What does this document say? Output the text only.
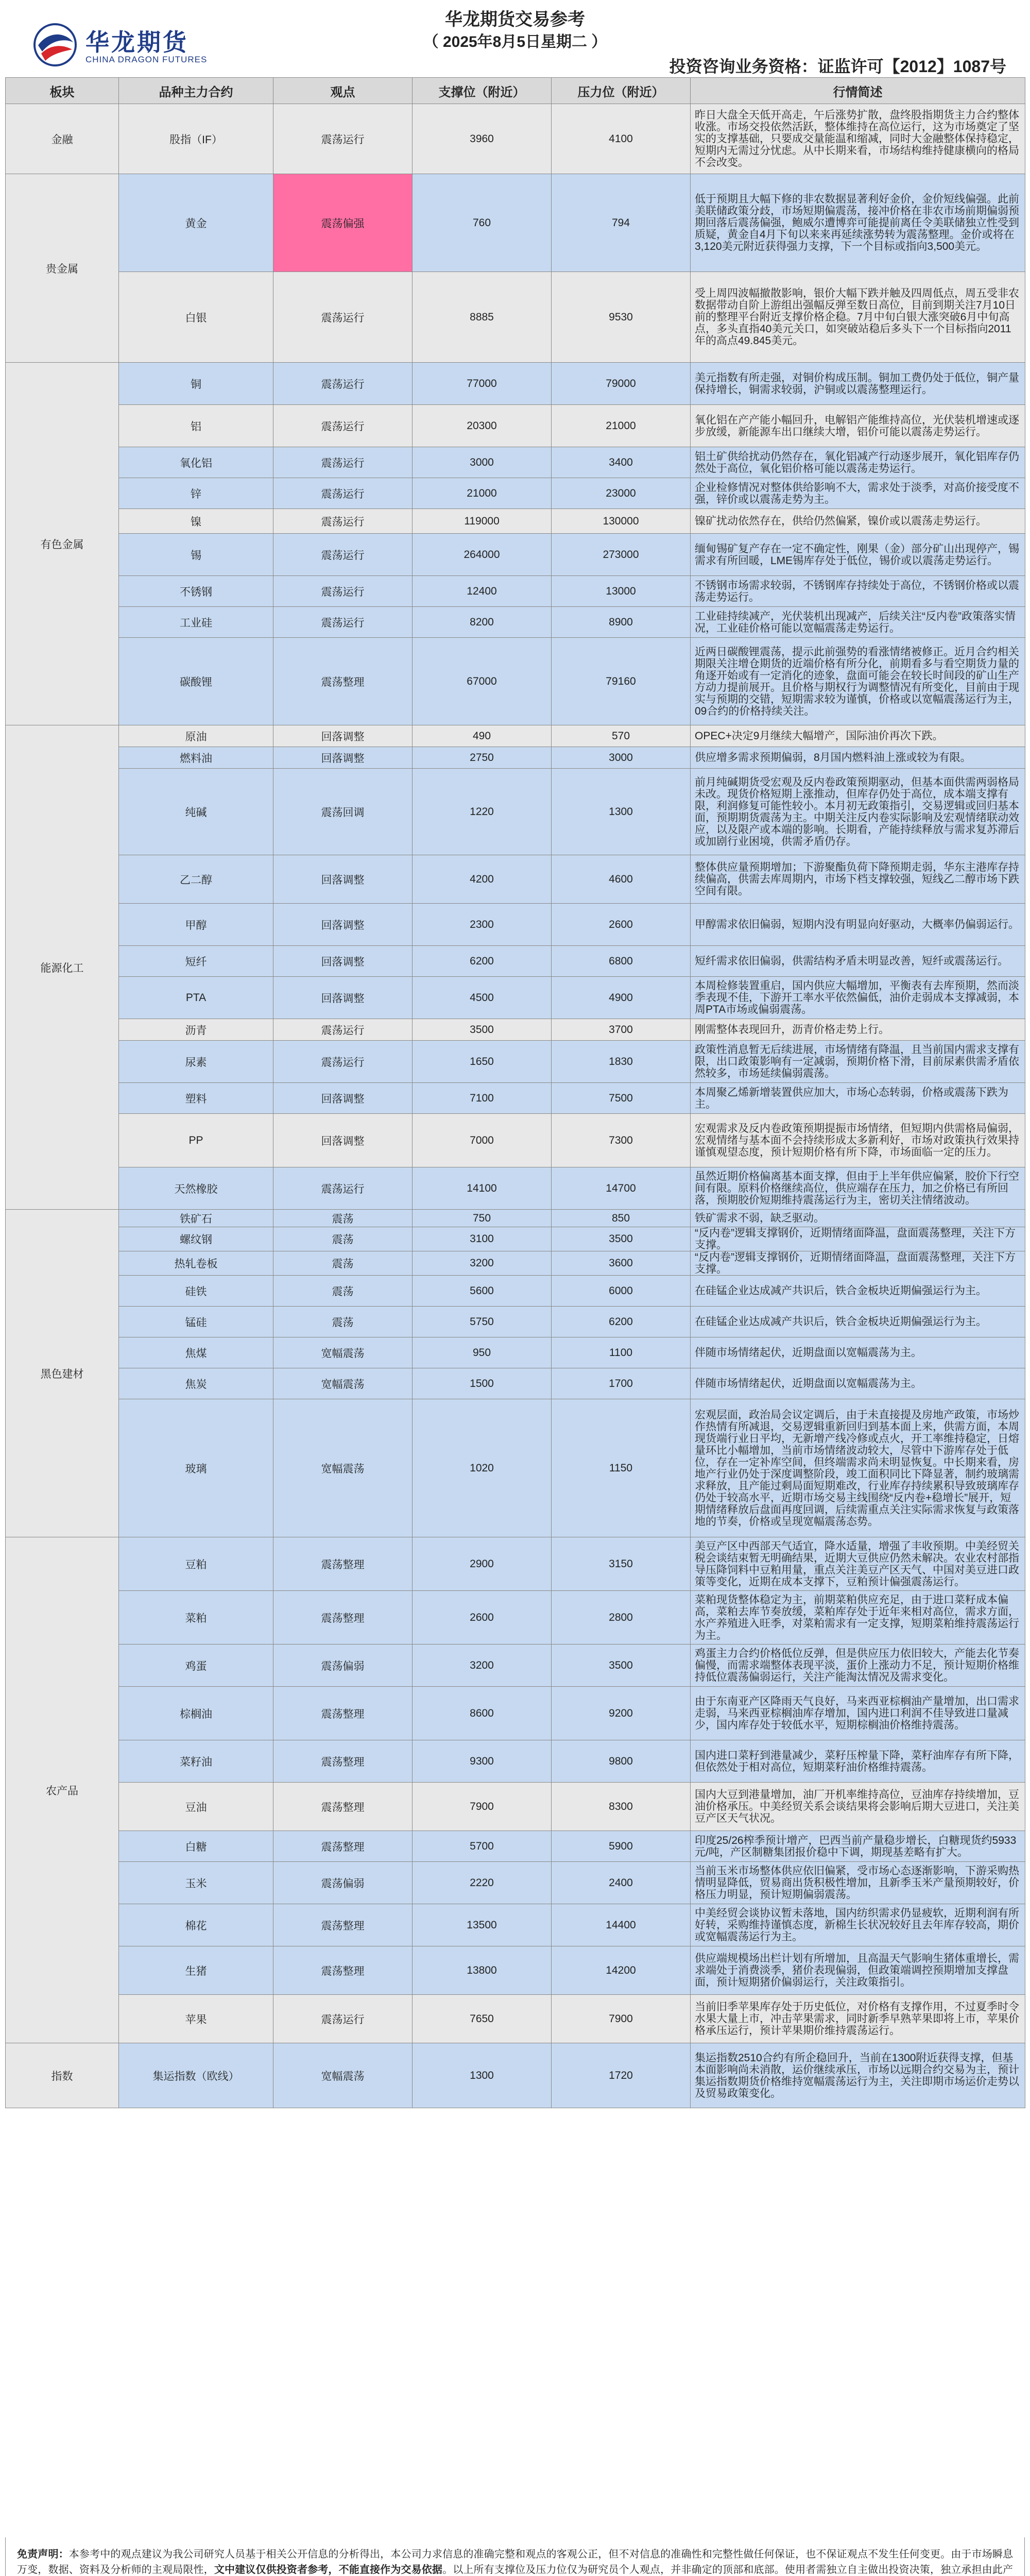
华龙期货
CHINA DRAGON FUTURES
华龙期货交易参考
（ 2025年8月5日星期二 ）
投资咨询业务资格：证监许可【2012】1087号
板块	品种主力合约	观点	支撑位（附近）	压力位（附近）	行情简述
金融	股指（IF）	震荡运行	3960	4100	昨日大盘全天低开高走，午后涨势扩散，盘终股指期货主力合约整体收涨。市场交投依然活跃，整体维持在高位运行，这为市场奠定了坚实的支撑基础，只要成交量能温和缩减，同时大金融整体保持稳定，短期内无需过分忧虑。从中长期来看，市场结构维持健康横向的格局不会改变。
贵金属	黄金	震荡偏强	760	794	低于预期且大幅下修的非农数据显著利好金价，金价短线偏强。此前美联储政策分歧，市场短期偏震荡，接冲价格在非农市场前期偏弱预期回落后震荡偏强，鲍威尔遭博弈可能提前离任令美联储独立性受到质疑，黄金自4月下旬以来来再延续涨势转为震荡整理。金价或将在3,120美元附近获得强力支撑，下一个目标或指向3,500美元。
	白银	震荡运行	8885	9530	受上周四波幅撤散影响，银价大幅下跌并触及四周低点，周五受非农数据带动自阶上游组出强幅反弹至数日高位，目前到期关注7月10日前的整理平台附近支撑价格企稳。7月中旬白银大涨突破6月中旬高点，多头直指40美元关口，如突破站稳后多头下一个目标指向2011年的高点49.845美元。
有色金属	铜	震荡运行	77000	79000	美元指数有所走强，对铜价构成压制。铜加工费仍处于低位，铜产量保持增长，铜需求较弱，沪铜或以震荡整理运行。
	铝	震荡运行	20300	21000	氧化铝在产产能小幅回升，电解铝产能维持高位，光伏装机增速或逐步放缓，新能源车出口继续大增，铝价可能以震荡走势运行。
	氧化铝	震荡运行	3000	3400	铝土矿供给扰动仍然存在，氧化铝减产行动逐步展开，氧化铝库存仍然处于高位，氧化铝价格可能以震荡走势运行。
	锌	震荡运行	21000	23000	企业检修情况对整体供给影响不大，需求处于淡季，对高价接受度不强，锌价或以震荡走势为主。
	镍	震荡运行	119000	130000	镍矿扰动依然存在，供给仍然偏紧，镍价或以震荡走势运行。
	锡	震荡运行	264000	273000	缅甸锡矿复产存在一定不确定性，刚果（金）部分矿山出现停产，锡需求有所回暖，LME锡库存处于低位，锡价或以震荡走势运行。
	不锈钢	震荡运行	12400	13000	不锈钢市场需求较弱，不锈钢库存持续处于高位，不锈钢价格或以震荡走势运行。
	工业硅	震荡运行	8200	8900	工业硅持续减产，光伏装机出现减产，后续关注“反内卷”政策落实情况，工业硅价格可能以宽幅震荡走势运行。
	碳酸锂	震荡整理	67000	79160	近两日碳酸锂震荡，提示此前强势的看涨情绪被修正。近月合约相关期限关注增仓期货的近端价格有所分化，前期看多与看空期货力量的角逐开始或有一定消化的迹象，盘面可能会在较长时间段的矿山生产方动力提前展开。且价格与期权行为调整情况有所变化，目前由于现实与预期的交错，短期需求较为谨慎，价格或以宽幅震荡运行为主，09合约的价格持续关注。
能源化工	原油	回落调整	490	570	OPEC+决定9月继续大幅增产，国际油价再次下跌。
	燃料油	回落调整	2750	3000	供应增多需求预期偏弱，8月国内燃料油上涨或较为有限。
	纯碱	震荡回调	1220	1300	前月纯碱期货受宏观及反内卷政策预期驱动，但基本面供需两弱格局未改。现货价格短期上涨推动，但库存仍处于高位，成本端支撑有限，利润修复可能性较小。本月初无政策指引，交易逻辑或回归基本面，预期期货震荡为主。中期关注反内卷实际影响及宏观情绪联动效应，以及限产或本端的影响。长期看，产能持续释放与需求复苏滞后或加剧行业困境，供需矛盾仍存。
	乙二醇	回落调整	4200	4600	整体供应量预期增加；下游聚酯负荷下降预期走弱，华东主港库存持续偏高，供需去库周期内，市场下档支撑较强，短线乙二醇市场下跌空间有限。
	甲醇	回落调整	2300	2600	甲醇需求依旧偏弱，短期内没有明显向好驱动，大概率仍偏弱运行。
	短纤	回落调整	6200	6800	短纤需求依旧偏弱，供需结构矛盾未明显改善，短纤或震荡运行。
	PTA	回落调整	4500	4900	本周检修装置重启，国内供应大幅增加，平衡表有去库预期，然而淡季表现不佳，下游开工率水平依然偏低，油价走弱成本支撑减弱，本周PTA市场或偏弱震荡。
	沥青	震荡运行	3500	3700	刚需整体表现回升，沥青价格走势上行。
	尿素	震荡运行	1650	1830	政策性消息暂无后续进展，市场情绪有降温，且当前国内需求支撑有限，出口政策影响有一定减弱，预期价格下滑，目前尿素供需矛盾依然较多，市场延续偏弱震荡。
	塑料	回落调整	7100	7500	本周聚乙烯新增装置供应加大，市场心态转弱，价格或震荡下跌为主。
	PP	回落调整	7000	7300	宏观需求及反内卷政策预期提振市场情绪，但短期内供需格局偏弱，宏观情绪与基本面不会持续形成太多新利好，市场对政策执行效果持谨慎观望态度，预计短期价格有所下降，市场面临一定的压力。
	天然橡胶	震荡运行	14100	14700	虽然近期价格偏离基本面支撑，但由于上半年供应偏紧，胶价下行空间有限。原料价格继续高位，供应端存在压力，加之价格已有所回落，预期胶价短期维持震荡运行为主，密切关注情绪波动。
黑色建材	铁矿石	震荡	750	850	铁矿需求不弱，缺乏驱动。
	螺纹钢	震荡	3100	3500	“反内卷”逻辑支撑钢价，近期情绪面降温，盘面震荡整理，关注下方支撑。
	热轧卷板	震荡	3200	3600	“反内卷”逻辑支撑钢价，近期情绪面降温，盘面震荡整理，关注下方支撑。
	硅铁	震荡	5600	6000	在硅锰企业达成减产共识后，铁合金板块近期偏强运行为主。
	锰硅	震荡	5750	6200	在硅锰企业达成减产共识后，铁合金板块近期偏强运行为主。
	焦煤	宽幅震荡	950	1100	伴随市场情绪起伏，近期盘面以宽幅震荡为主。
	焦炭	宽幅震荡	1500	1700	伴随市场情绪起伏，近期盘面以宽幅震荡为主。
	玻璃	宽幅震荡	1020	1150	宏观层面，政治局会议定调后，由于未直接提及房地产政策，市场炒作热情有所减退，交易逻辑重新回归到基本面上来，供需方面，本周现货端行业日平均，无新增产线冷修或点火，开工率维持稳定，日熔量环比小幅增加，当前市场情绪波动较大，尽管中下游库存处于低位，存在一定补库空间，但终端需求尚未明显恢复。中长期来看，房地产行业仍处于深度调整阶段，竣工面积同比下降显著，制约玻璃需求释放，且产能过剩局面短期难改，行业库存持续累积导致玻璃库存仍处于较高水平，近期市场交易主线围绕“反内卷+稳增长”展开，短期情绪释放后盘面再度回调，后续需重点关注实际需求恢复与政策落地的节奏，价格或呈现宽幅震荡态势。
农产品	豆粕	震荡整理	2900	3150	美豆产区中西部天气适宜，降水适量，增强了丰收预期。中美经贸关税会谈结束暂无明确结果，近期大豆供应仍然未解决。农业农村部指导压降饲料中豆粕用量，重点关注美豆产区天气、中国对美豆进口政策等变化，近期在成本支撑下，豆粕预计偏强震荡运行。
	菜粕	震荡整理	2600	2800	菜粕现货整体稳定为主，前期菜粕供应充足，由于进口菜籽成本偏高，菜粕去库节奏放缓，菜粕库存处于近年来相对高位，需求方面，水产养殖进入旺季，对菜粕需求有一定支撑，短期菜粕维持震荡运行为主。
	鸡蛋	震荡偏弱	3200	3500	鸡蛋主力合约价格低位反弹，但是供应压力依旧较大，产能去化节奏偏慢，而需求端整体表现平淡，蛋价上涨动力不足，预计短期价格维持低位震荡偏弱运行，关注产能淘汰情况及需求变化。
	棕榈油	震荡整理	8600	9200	由于东南亚产区降雨天气良好，马来西亚棕榈油产量增加，出口需求走弱，马来西亚棕榈油库存增加，国内进口利润不佳导致进口量减少，国内库存处于较低水平，短期棕榈油价格维持震荡。
	菜籽油	震荡整理	9300	9800	国内进口菜籽到港量减少，菜籽压榨量下降，菜籽油库存有所下降，但依然处于相对高位，短期菜籽油价格维持震荡。
	豆油	震荡整理	7900	8300	国内大豆到港量增加，油厂开机率维持高位，豆油库存持续增加，豆油价格承压。中美经贸关系会谈结果将会影响后期大豆进口，关注美豆产区天气状况。
	白糖	震荡整理	5700	5900	印度25/26榨季预计增产，巴西当前产量稳步增长，白糖现货约5933元/吨，产区制糖集团报价稳中下调，期现基差略有扩大。
	玉米	震荡偏弱	2220	2400	当前玉米市场整体供应依旧偏紧，受市场心态逐渐影响，下游采购热情明显降低，贸易商出货积极性增加，且新季玉米产量预期较好，价格压力明显，预计短期偏弱震荡。
	棉花	震荡整理	13500	14400	中美经贸会谈协议暂未落地，国内纺织需求仍显疲软，近期利润有所好转，采购维持谨慎态度，新棉生长状况较好且去年库存较高，期价或宽幅震荡运行为主。
	生猪	震荡整理	13800	14200	供应端规模场出栏计划有所增加，且高温天气影响生猪体重增长，需求端处于消费淡季，猪价表现偏弱，但政策端调控预期增加支撑盘面，预计短期猪价偏弱运行，关注政策指引。
	苹果	震荡运行	7650	7900	当前旧季苹果库存处于历史低位，对价格有支撑作用，不过夏季时令水果大量上市，冲击苹果需求，同时新季早熟苹果即将上市，苹果价格承压运行，预计苹果期价维持震荡运行。
指数	集运指数（欧线）	宽幅震荡	1300	1720	集运指数2510合约有所企稳回升，当前在1300附近获得支撑，但基本面影响尚未消散，运价继续承压，市场以远期合约交易为主，预计集运指数期货价格维持宽幅震荡运行为主，关注即期市场运价走势以及贸易政策变化。
免责声明：本参考中的观点建议为我公司研究人员基于相关公开信息的分析得出，本公司力求信息的准确完整和观点的客观公正，但不对信息的准确性和完整性做任何保证，也不保证观点不发生任何变更。由于市场瞬息万变，数据、资料及分析师的主观局限性，文中建议仅供投资者参考，不能直接作为交易依据。以上所有支撑位及压力位仅为研究员个人观点，并非确定的顶部和底部。使用者需独立自主做出投资决策，独立承担由此产
